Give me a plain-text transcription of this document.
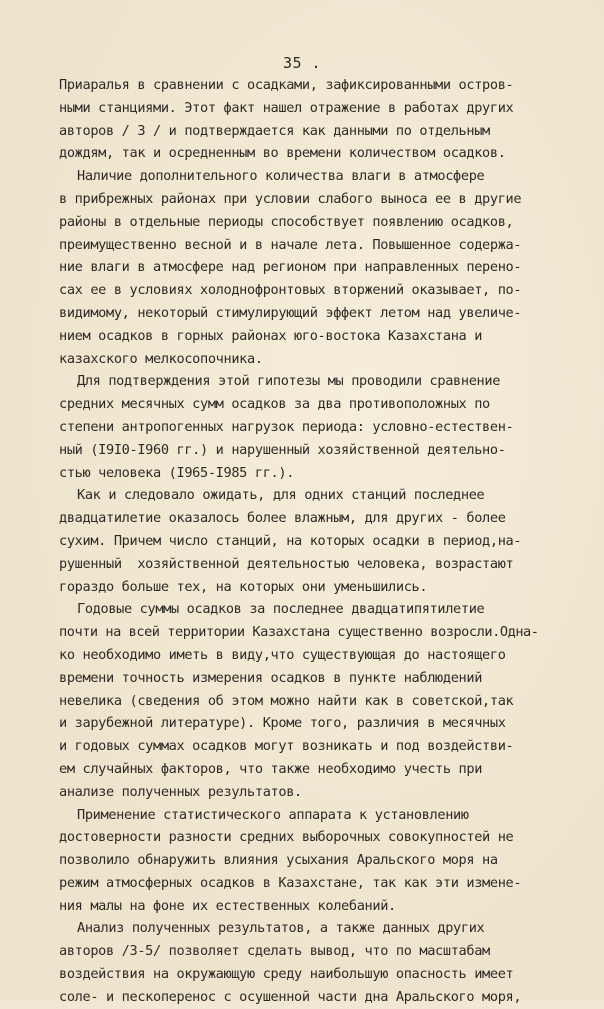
35 .
Приаралья в сравнении с осадками, зафиксированными остров-
ными станциями. Этот факт нашел отражение в работах других
авторов / 3 / и подтверждается как данными по отдельным
дождям, так и осредненным во времени количеством осадков.
Наличие дополнительного количества влаги в атмосфере
в прибрежных районах при условии слабого выноса ее в другие
районы в отдельные периоды способствует появлению осадков,
преимущественно весной и в начале лета. Повышенное содержа-
ние влаги в атмосфере над регионом при направленных перено-
сах ее в условиях холоднофронтовых вторжений оказывает, по-
видимому, некоторый стимулирующий эффект летом над увеличе-
нием осадков в горных районах юго-востока Казахстана и
казахского мелкосопочника.
Для подтверждения этой гипотезы мы проводили сравнение
средних месячных сумм осадков за два противоположных по
степени антропогенных нагрузок периода: условно-естествен-
ный (I9I0-I960 гг.) и нарушенный хозяйственной деятельно-
стью человека (I965-I985 гг.).
Как и следовало ожидать, для одних станций последнее
двадцатилетие оказалось более влажным, для других - более
сухим. Причем число станций, на которых осадки в период,на-
рушенный  хозяйственной деятельностью человека, возрастают
гораздо больше тех, на которых они уменьшились.
Годовые суммы осадков за последнее двадцатипятилетие
почти на всей территории Казахстана существенно возросли.Одна-
ко необходимо иметь в виду,что существующая до настоящего
времени точность измерения осадков в пункте наблюдений
невелика (сведения об этом можно найти как в советской,так
и зарубежной литературе). Кроме того, различия в месячных
и годовых суммах осадков могут возникать и под воздействи-
ем случайных факторов, что также необходимо учесть при
анализе полученных результатов.
Применение статистического аппарата к установлению
достоверности разности средних выборочных совокупностей не
позволило обнаружить влияния усыхания Аральского моря на
режим атмосферных осадков в Казахстане, так как эти измене-
ния малы на фоне их естественных колебаний.
Анализ полученных результатов, а также данных других
авторов /3-5/ позволяет сделать вывод, что по масштабам
воздействия на окружающую среду наибольшую опасность имеет
соле- и пескоперенос с осушенной части дна Аральского моря,
